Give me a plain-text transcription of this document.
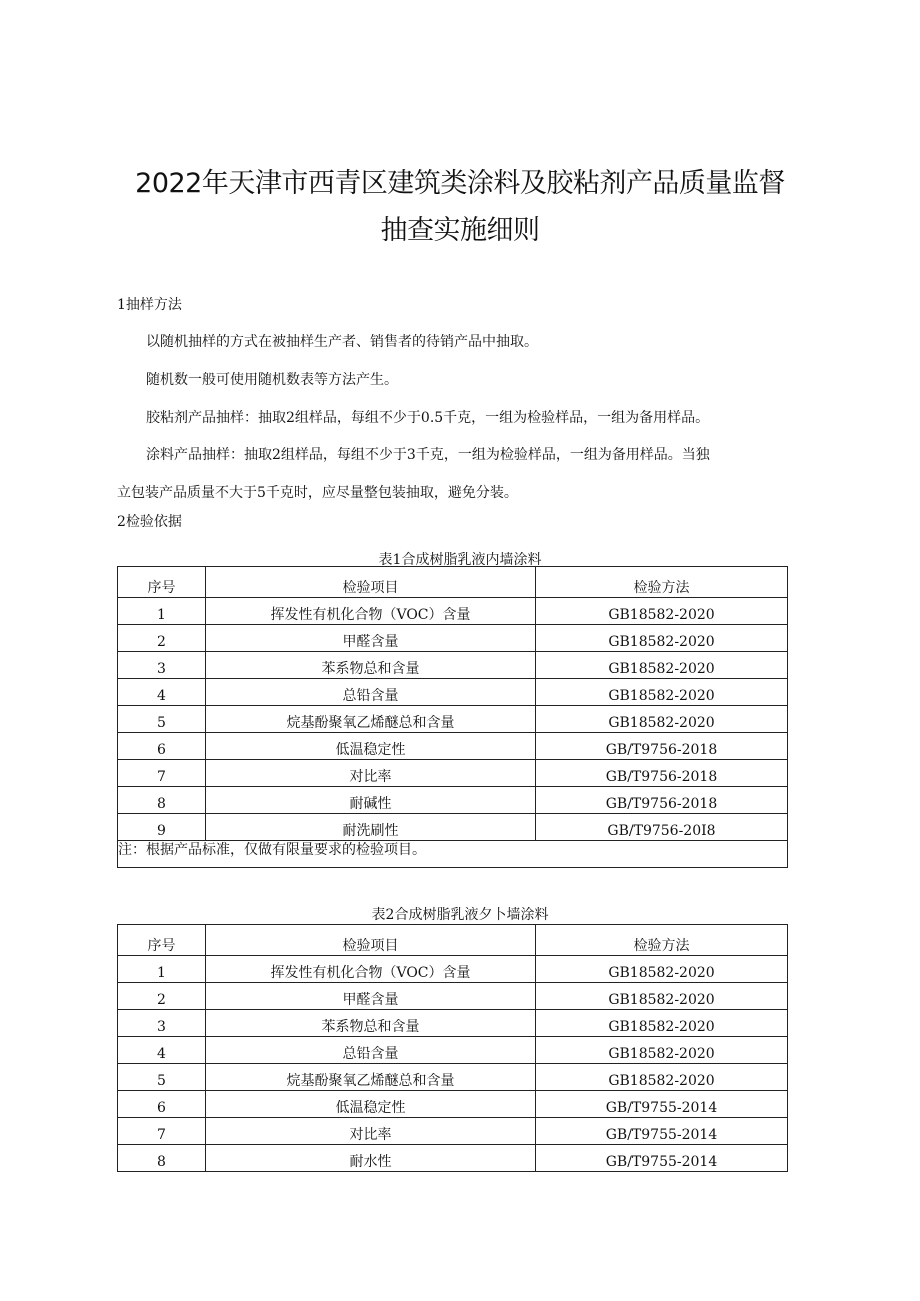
2022年天津市西青区建筑类涂料及胶粘剂产品质量监督
抽查实施细则
1抽样方法
以随机抽样的方式在被抽样生产者、销售者的待销产品中抽取。
随机数一般可使用随机数表等方法产生。
胶粘剂产品抽样：抽取2组样品，每组不少于0.5千克，一组为检验样品，一组为备用样品。
涂料产品抽样：抽取2组样品，每组不少于3千克，一组为检验样品，一组为备用样品。当独
立包装产品质量不大于5千克时，应尽量整包装抽取，避免分装。
2检验依据
表1合成树脂乳液内墙涂料
序号	检验项目	检验方法
1	挥发性有机化合物（VOC）含量	GB18582-2020
2	甲醛含量	GB18582-2020
3	苯系物总和含量	GB18582-2020
4	总铅含量	GB18582-2020
5	烷基酚聚氧乙烯醚总和含量	GB18582-2020
6	低温稳定性	GB/T9756-2018
7	对比率	GB/T9756-2018
8	耐碱性	GB/T9756-2018
9	耐洗刷性	GB/T9756-20I8
注：根据产品标准，仅做有限量要求的检验项目。		
表2合成树脂乳液夕卜墙涂料
序号	检验项目	检验方法
1	挥发性有机化合物（VOC）含量	GB18582-2020
2	甲醛含量	GB18582-2020
3	苯系物总和含量	GB18582-2020
4	总铅含量	GB18582-2020
5	烷基酚聚氧乙烯醚总和含量	GB18582-2020
6	低温稳定性	GB/T9755-2014
7	对比率	GB/T9755-2014
8	耐水性	GB/T9755-2014
